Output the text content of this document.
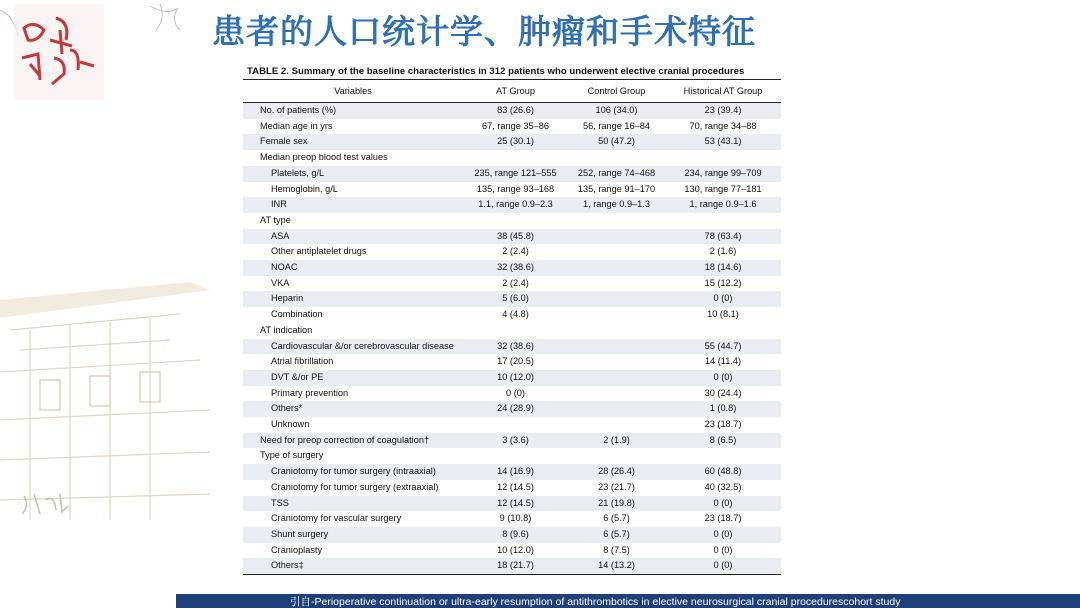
患者的人口统计学、肿瘤和手术特征
TABLE 2. Summary of the baseline characteristics in 312 patients who underwent elective cranial procedures
Variables	AT Group	Control Group	Historical AT Group
No. of patients (%)	83 (26.6)	106 (34.0)	23 (39.4)
Median age in yrs	67, range 35–86	56, range 16–84	70, range 34–88
Female sex	25 (30.1)	50 (47.2)	53 (43.1)
Median preop blood test values			
Platelets, g/L	235, range 121–555	252, range 74–468	234, range 99–709
Hemoglobin, g/L	135, range 93–168	135, range 91–170	130, range 77–181
INR	1.1, range 0.9–2.3	1, range 0.9–1.3	1, range 0.9–1.6
AT type			
ASA	38 (45.8)		78 (63.4)
Other antiplatelet drugs	2 (2.4)		2 (1.6)
NOAC	32 (38.6)		18 (14.6)
VKA	2 (2.4)		15 (12.2)
Heparin	5 (6.0)		0 (0)
Combination	4 (4.8)		10 (8.1)
AT indication			
Cardiovascular &/or cerebrovascular disease	32 (38.6)		55 (44.7)
Atrial fibrillation	17 (20.5)		14 (11.4)
DVT &/or PE	10 (12.0)		0 (0)
Primary prevention	0 (0)		30 (24.4)
Others*	24 (28.9)		1 (0.8)
Unknown			23 (18.7)
Need for preop correction of coagulation†	3 (3.6)	2 (1.9)	8 (6.5)
Type of surgery			
Craniotomy for tumor surgery (intraaxial)	14 (16.9)	28 (26.4)	60 (48.8)
Craniotomy for tumor surgery (extraaxial)	12 (14.5)	23 (21.7)	40 (32.5)
TSS	12 (14.5)	21 (19.8)	0 (0)
Craniotomy for vascular surgery	9 (10.8)	6 (5.7)	23 (18.7)
Shunt surgery	8 (9.6)	6 (5.7)	0 (0)
Cranioplasty	10 (12.0)	8 (7.5)	0 (0)
Others‡	18 (21.7)	14 (13.2)	0 (0)
引自-Perioperative continuation or ultra-early resumption of antithrombotics in elective neurosurgical cranial procedurescohort study
